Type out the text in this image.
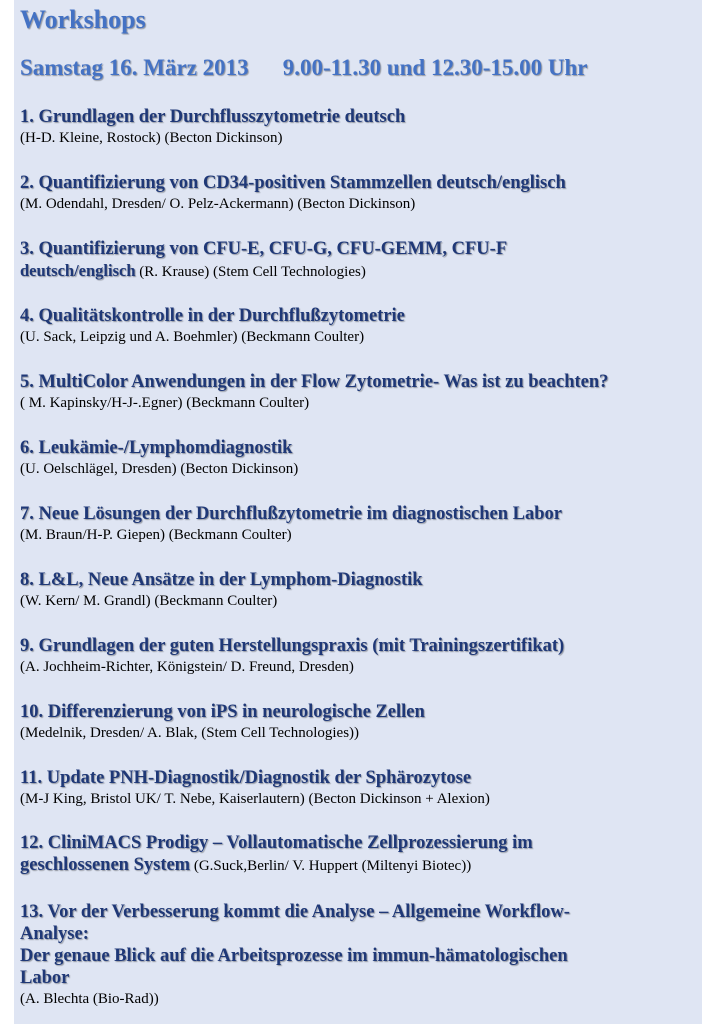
Workshops
Samstag 16. März 2013 9.00-11.30 und 12.30-15.00 Uhr
1. Grundlagen der Durchflusszytometrie deutsch
(H-D. Kleine, Rostock) (Becton Dickinson)
2. Quantifizierung von CD34-positiven Stammzellen deutsch/englisch
(M. Odendahl, Dresden/ O. Pelz-Ackermann) (Becton Dickinson)
3. Quantifizierung von CFU-E, CFU-G, CFU-GEMM, CFU-F
deutsch/englisch (R. Krause) (Stem Cell Technologies)
4. Qualitätskontrolle in der Durchflußzytometrie
(U. Sack, Leipzig und A. Boehmler) (Beckmann Coulter)
5. MultiColor Anwendungen in der Flow Zytometrie- Was ist zu beachten?
( M. Kapinsky/H-J-.Egner) (Beckmann Coulter)
6. Leukämie-/Lymphomdiagnostik
(U. Oelschlägel, Dresden) (Becton Dickinson)
7. Neue Lösungen der Durchflußzytometrie im diagnostischen Labor
(M. Braun/H-P. Giepen) (Beckmann Coulter)
8. L&L, Neue Ansätze in der Lymphom-Diagnostik
(W. Kern/ M. Grandl) (Beckmann Coulter)
9. Grundlagen der guten Herstellungspraxis (mit Trainingszertifikat)
(A. Jochheim-Richter, Königstein/ D. Freund, Dresden)
10. Differenzierung von iPS in neurologische Zellen
(Medelnik, Dresden/ A. Blak, (Stem Cell Technologies))
11. Update PNH-Diagnostik/Diagnostik der Sphärozytose
(M-J King, Bristol UK/ T. Nebe, Kaiserlautern) (Becton Dickinson + Alexion)
12. CliniMACS Prodigy – Vollautomatische Zellprozessierung im
geschlossenen System (G.Suck,Berlin/ V. Huppert (Miltenyi Biotec))
13. Vor der Verbesserung kommt die Analyse – Allgemeine Workflow-
Analyse:
Der genaue Blick auf die Arbeitsprozesse im immun-hämatologischen
Labor
(A. Blechta (Bio-Rad))
